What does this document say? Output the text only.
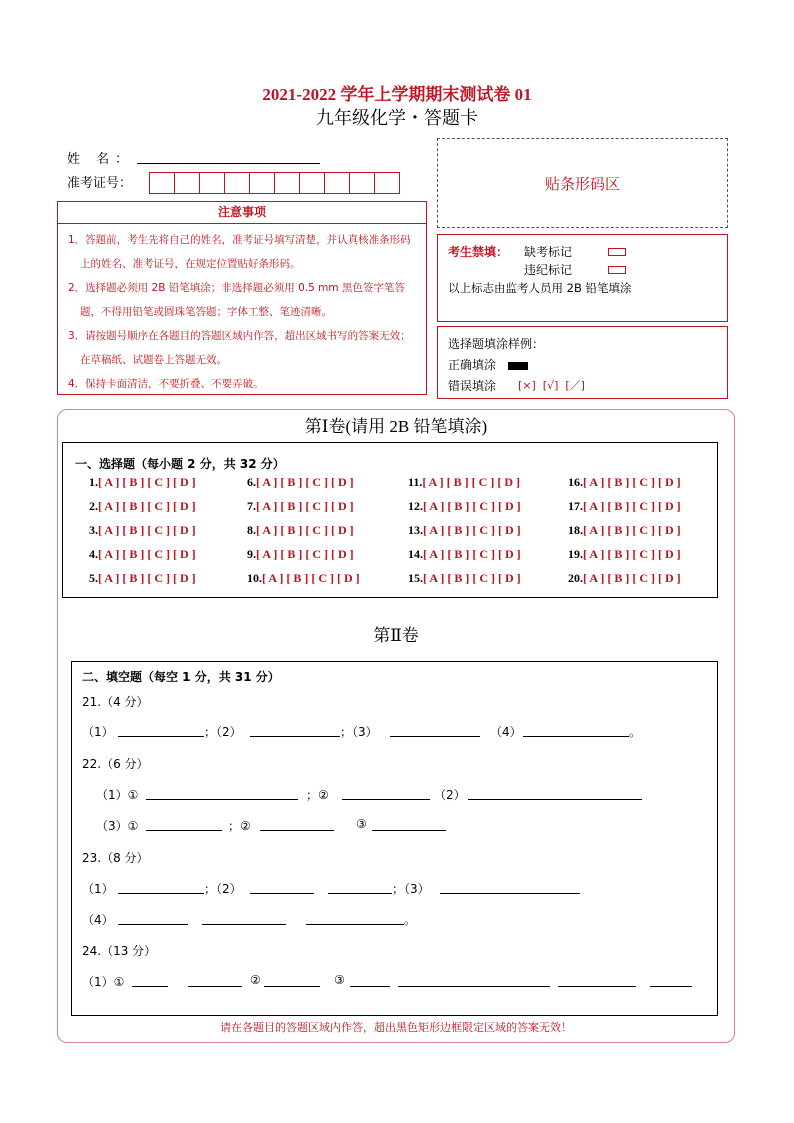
2021-2022 学年上学期期末测试卷 01
九年级化学・答题卡
姓 名：
准考证号：	贴条形码区
注意事项

1．答题前，考生先将自己的姓名，准考证号填写清楚，并认真核准条形码上的姓名、准考证号，在规定位置贴好条形码。

2．选择题必须用 2B 铅笔填涂；非选择题必须用 0.5 mm 黑色签字笔答题，不得用铅笔或圆珠笔答题；字体工整、笔迹清晰。

3．请按题号顺序在各题目的答题区域内作答，超出区域书写的答案无效；在草稿纸、试题卷上答题无效。

4．保持卡面清洁，不要折叠、不要弄破。

考生禁填： 缺考标记
违纪标记
以上标志由监考人员用 2B 铅笔填涂
选择题填涂样例：
正确填涂
错误填涂 [×]  [√]  [／]
第Ⅰ卷(请用 2B 铅笔填涂)
一、选择题（每小题 2 分，共 32 分）
1.[ A ] [ B ] [ C ] [ D ]
2.[ A ] [ B ] [ C ] [ D ]
3.[ A ] [ B ] [ C ] [ D ]
4.[ A ] [ B ] [ C ] [ D ]
5.[ A ] [ B ] [ C ] [ D ]
6.[ A ] [ B ] [ C ] [ D ]
7.[ A ] [ B ] [ C ] [ D ]
8.[ A ] [ B ] [ C ] [ D ]
9.[ A ] [ B ] [ C ] [ D ]
10.[ A ] [ B ] [ C ] [ D ]
11.[ A ] [ B ] [ C ] [ D ]
12.[ A ] [ B ] [ C ] [ D ]
13.[ A ] [ B ] [ C ] [ D ]
14.[ A ] [ B ] [ C ] [ D ]
15.[ A ] [ B ] [ C ] [ D ]
16.[ A ] [ B ] [ C ] [ D ]
17.[ A ] [ B ] [ C ] [ D ]
18.[ A ] [ B ] [ C ] [ D ]
19.[ A ] [ B ] [ C ] [ D ]
20.[ A ] [ B ] [ C ] [ D ]
第Ⅱ卷
二、填空题（每空 1 分，共 31 分）
21.（4 分）
（1）	；（2）	；（3）	（4）	。
22.（6 分）
（1）①	；②	（2）
（3）①	；②	③
23.（8 分）
（1）	；（2）	；（3）
（4）	。
24.（13 分）
（1）①	②	③
请在各题目的答题区域内作答，超出黑色矩形边框限定区域的答案无效！
